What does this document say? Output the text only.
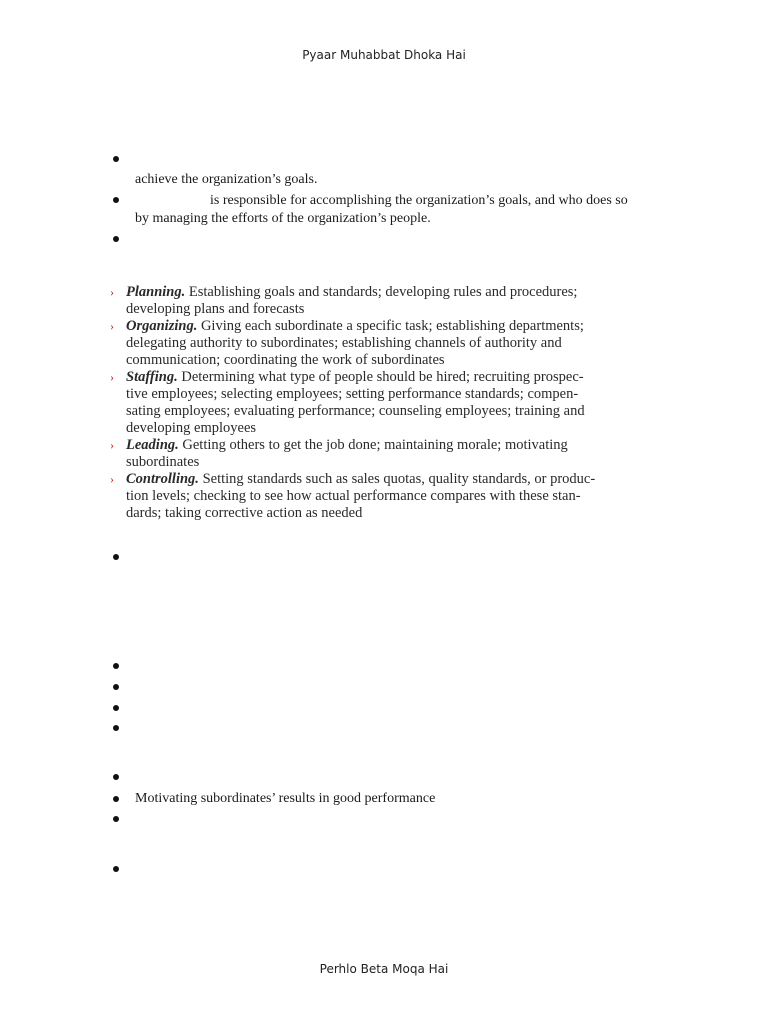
Pyaar Muhabbat Dhoka Hai
achieve the organization’s goals.
is responsible for accomplishing the organization’s goals, and who does so
by managing the efforts of the organization’s people.
› Planning. Establishing goals and standards; developing rules and procedures;
developing plans and forecasts
› Organizing. Giving each subordinate a specific task; establishing departments;
delegating authority to subordinates; establishing channels of authority and
communication; coordinating the work of subordinates
› Staffing. Determining what type of people should be hired; recruiting prospec-
tive employees; selecting employees; setting performance standards; compen-
sating employees; evaluating performance; counseling employees; training and
developing employees
› Leading. Getting others to get the job done; maintaining morale; motivating
subordinates
› Controlling. Setting standards such as sales quotas, quality standards, or produc-
tion levels; checking to see how actual performance compares with these stan-
dards; taking corrective action as needed
Motivating subordinates’ results in good performance
Perhlo Beta Moqa Hai
